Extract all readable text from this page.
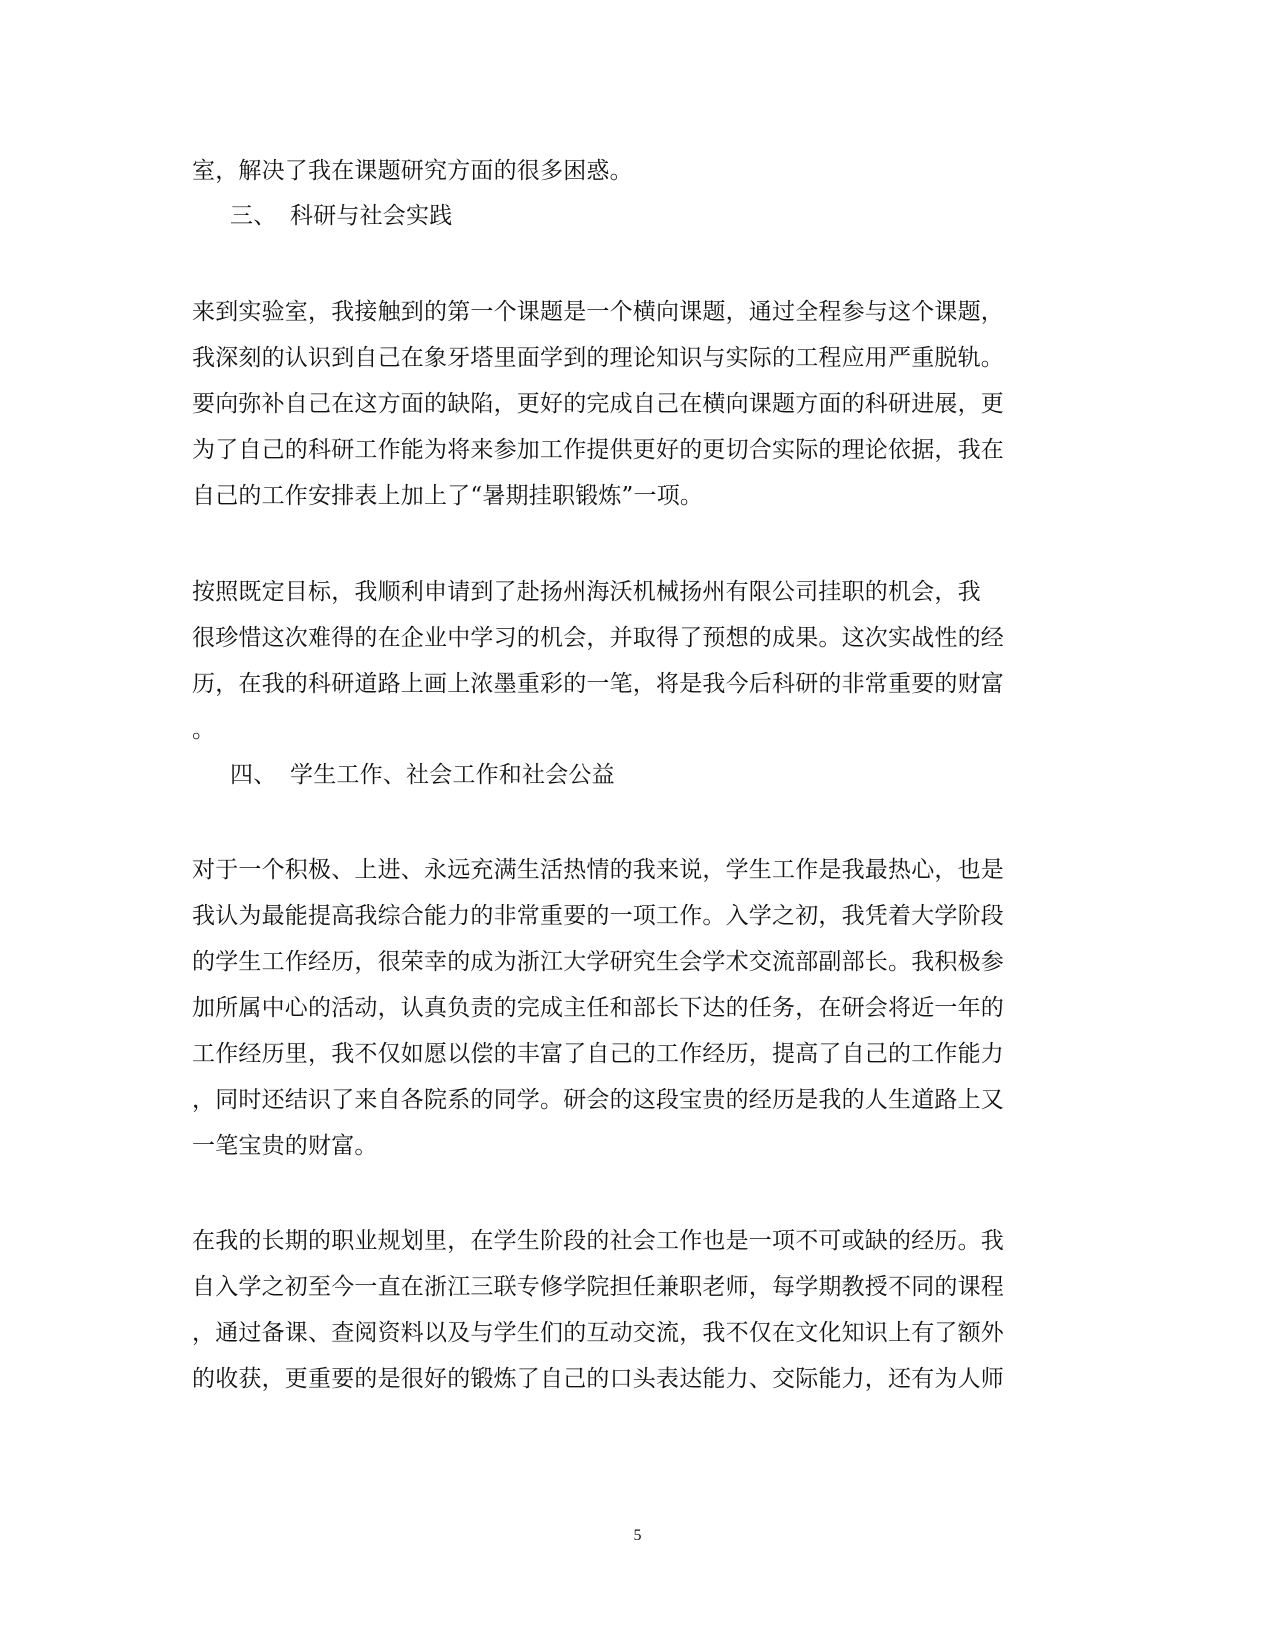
室，解决了我在课题研究方面的很多困惑。
三、 科研与社会实践
来到实验室，我接触到的第一个课题是一个横向课题，通过全程参与这个课题，
我深刻的认识到自己在象牙塔里面学到的理论知识与实际的工程应用严重脱轨。
要向弥补自己在这方面的缺陷，更好的完成自己在横向课题方面的科研进展，更
为了自己的科研工作能为将来参加工作提供更好的更切合实际的理论依据，我在
自己的工作安排表上加上了“暑期挂职锻炼”一项。
按照既定目标，我顺利申请到了赴扬州海沃机械扬州有限公司挂职的机会，我
很珍惜这次难得的在企业中学习的机会，并取得了预想的成果。这次实战性的经
历，在我的科研道路上画上浓墨重彩的一笔，将是我今后科研的非常重要的财富
。
四、 学生工作、社会工作和社会公益
对于一个积极、上进、永远充满生活热情的我来说，学生工作是我最热心，也是
我认为最能提高我综合能力的非常重要的一项工作。入学之初，我凭着大学阶段
的学生工作经历，很荣幸的成为浙江大学研究生会学术交流部副部长。我积极参
加所属中心的活动，认真负责的完成主任和部长下达的任务，在研会将近一年的
工作经历里，我不仅如愿以偿的丰富了自己的工作经历，提高了自己的工作能力
，同时还结识了来自各院系的同学。研会的这段宝贵的经历是我的人生道路上又
一笔宝贵的财富。
在我的长期的职业规划里，在学生阶段的社会工作也是一项不可或缺的经历。我
自入学之初至今一直在浙江三联专修学院担任兼职老师，每学期教授不同的课程
，通过备课、查阅资料以及与学生们的互动交流，我不仅在文化知识上有了额外
的收获，更重要的是很好的锻炼了自己的口头表达能力、交际能力，还有为人师
5
